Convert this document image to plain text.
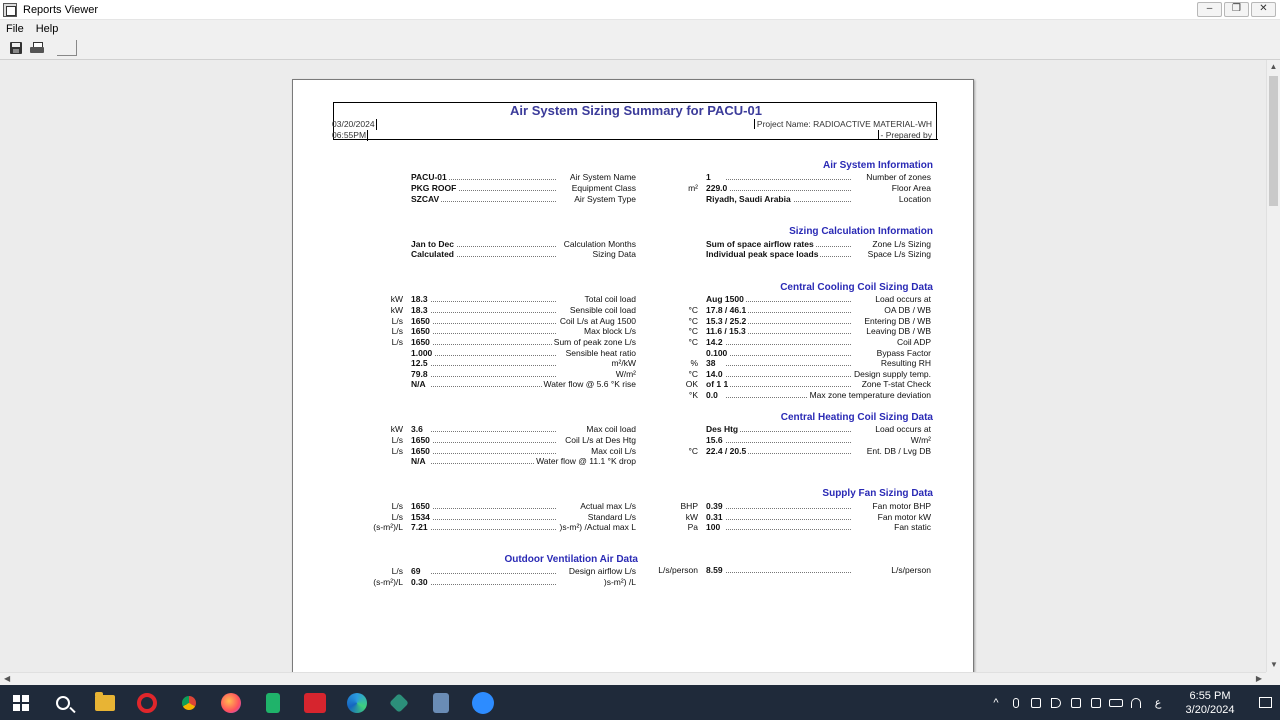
Reports Viewer	–	❐	✕
File	Help
Air System Sizing Summary for PACU-01
03/20/2024
06:55PM
Project Name: RADIOACTIVE MATERIAL-WH
- Prepared by
Air System Information
Sizing Calculation Information
Central Cooling Coil Sizing Data
Central Heating Coil Sizing Data
Supply Fan Sizing Data
Outdoor Ventilation Air Data
PACU-01	Air System Name
PKG ROOF	Equipment Class
SZCAV	Air System Type
Jan to Dec	Calculation Months
Calculated	Sizing Data
kW 18.3	Total coil load
kW 18.3	Sensible coil load
L/s 1650	Coil L/s at Aug 1500
L/s 1650	Max block L/s
L/s 1650	Sum of peak zone L/s
1.000	Sensible heat ratio
12.5	m²/kW
79.8	W/m²
N/A	Water flow @ 5.6 °K rise
kW 3.6	Max coil load
L/s 1650	Coil L/s at Des Htg
L/s 1650	Max coil L/s
N/A	Water flow @ 11.1 °K drop
L/s 1650	Actual max L/s
L/s 1534	Standard L/s
(s-m²)/L 7.21	)s-m²) /Actual max L
L/s 69	Design airflow L/s
(s-m²)/L 0.30	)s-m²) /L
1	Number of zones
m² 229.0	Floor Area
Riyadh, Saudi Arabia	Location
Sum of space airflow rates	Zone L/s Sizing
Individual peak space loads	Space L/s Sizing
Aug 1500	Load occurs at
°C 17.8 / 46.1	OA DB / WB
°C 15.3 / 25.2	Entering DB / WB
°C 11.6 / 15.3	Leaving DB / WB
°C 14.2	Coil ADP
0.100	Bypass Factor
% 38	Resulting RH
°C 14.0	Design supply temp.
OK of 1 1	Zone T-stat Check
°K 0.0	Max zone temperature deviation
Des Htg	Load occurs at
15.6	W/m²
°C 22.4 / 20.5	Ent. DB / Lvg DB
BHP 0.39	Fan motor BHP
kW 0.31	Fan motor kW
Pa 100	Fan static
L/s/person 8.59	L/s/person
▲
▼
◀	▶
^	ع
6:55 PM
3/20/2024
